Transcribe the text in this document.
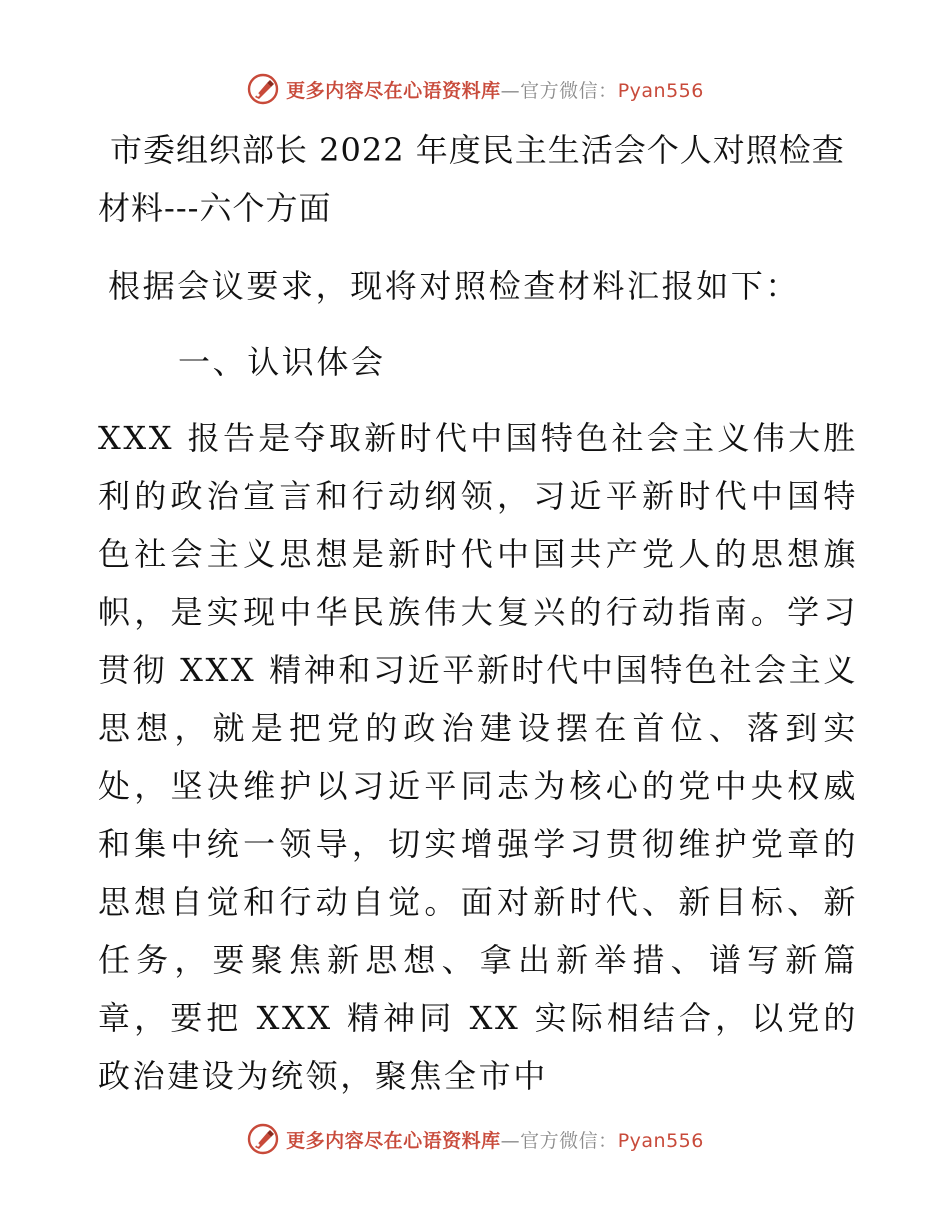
更多内容尽在心语资料库—官方微信：Pyan556
市委组织部长 2022 年度民主生活会个人对照检查
材料---六个方面

根据会议要求，现将对照检查材料汇报如下：

一、认识体会

XXX 报告是夺取新时代中国特色社会主义伟大胜利的政治宣言和行动纲领，习近平新时代中国特色社会主义思想是新时代中国共产党人的思想旗帜，是实现中华民族伟大复兴的行动指南。学习贯彻 XXX 精神和习近平新时代中国特色社会主义思想，就是把党的政治建设摆在首位、落到实处，坚决维护以习近平同志为核心的党中央权威和集中统一领导，切实增强学习贯彻维护党章的思想自觉和行动自觉。面对新时代、新目标、新任务，要聚焦新思想、拿出新举措、谱写新篇章，要把 XXX 精神同 XX 实际相结合，以党的政治建设为统领，聚焦全市中

更多内容尽在心语资料库—官方微信：Pyan556
